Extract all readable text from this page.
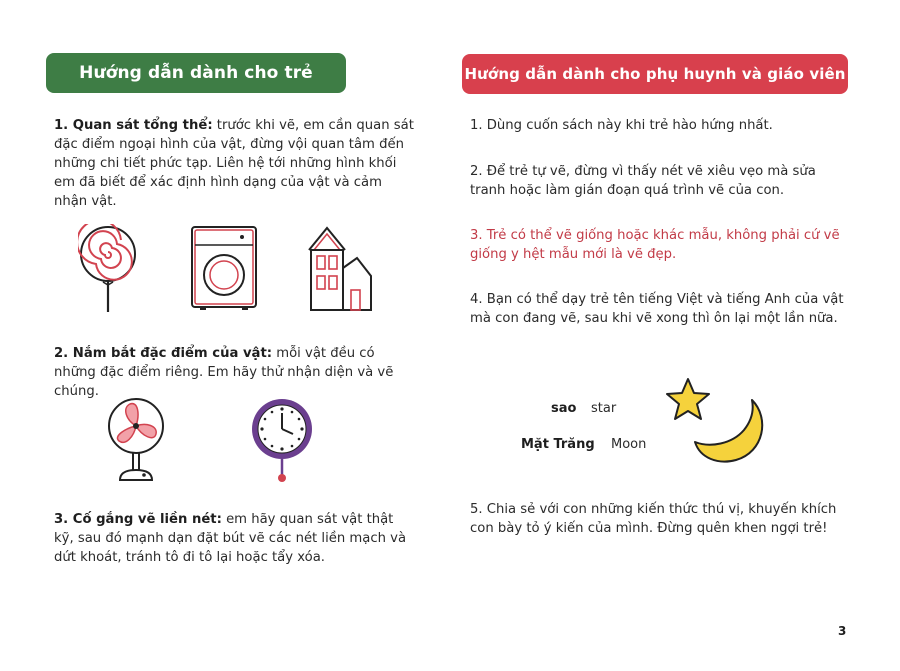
Hướng dẫn dành cho trẻ

1. Quan sát tổng thể: trước khi vẽ, em cần quan sát đặc điểm ngoại hình của vật, đừng vội quan tâm đến những chi tiết phức tạp. Liên hệ tới những hình khối em đã biết để xác định hình dạng của vật và cảm nhận vật.

2. Nắm bắt đặc điểm của vật: mỗi vật đều có những đặc điểm riêng. Em hãy thử nhận diện và vẽ chúng.

3. Cố gắng vẽ liền nét: em hãy quan sát vật thật kỹ, sau đó mạnh dạn đặt bút vẽ các nét liền mạch và dứt khoát, tránh tô đi tô lại hoặc tẩy xóa.

Hướng dẫn dành cho phụ huynh và giáo viên

1. Dùng cuốn sách này khi trẻ hào hứng nhất.

2. Để trẻ tự vẽ, đừng vì thấy nét vẽ xiêu vẹo mà sửa tranh hoặc làm gián đoạn quá trình vẽ của con.

3. Trẻ có thể vẽ giống hoặc khác mẫu, không phải cứ vẽ giống y hệt mẫu mới là vẽ đẹp.

4. Bạn có thể dạy trẻ tên tiếng Việt và tiếng Anh của vật mà con đang vẽ, sau khi vẽ xong thì ôn lại một lần nữa.

sao star
Mặt Trăng Moon

5. Chia sẻ với con những kiến thức thú vị, khuyến khích con bày tỏ ý kiến của mình. Đừng quên khen ngợi trẻ!

3
